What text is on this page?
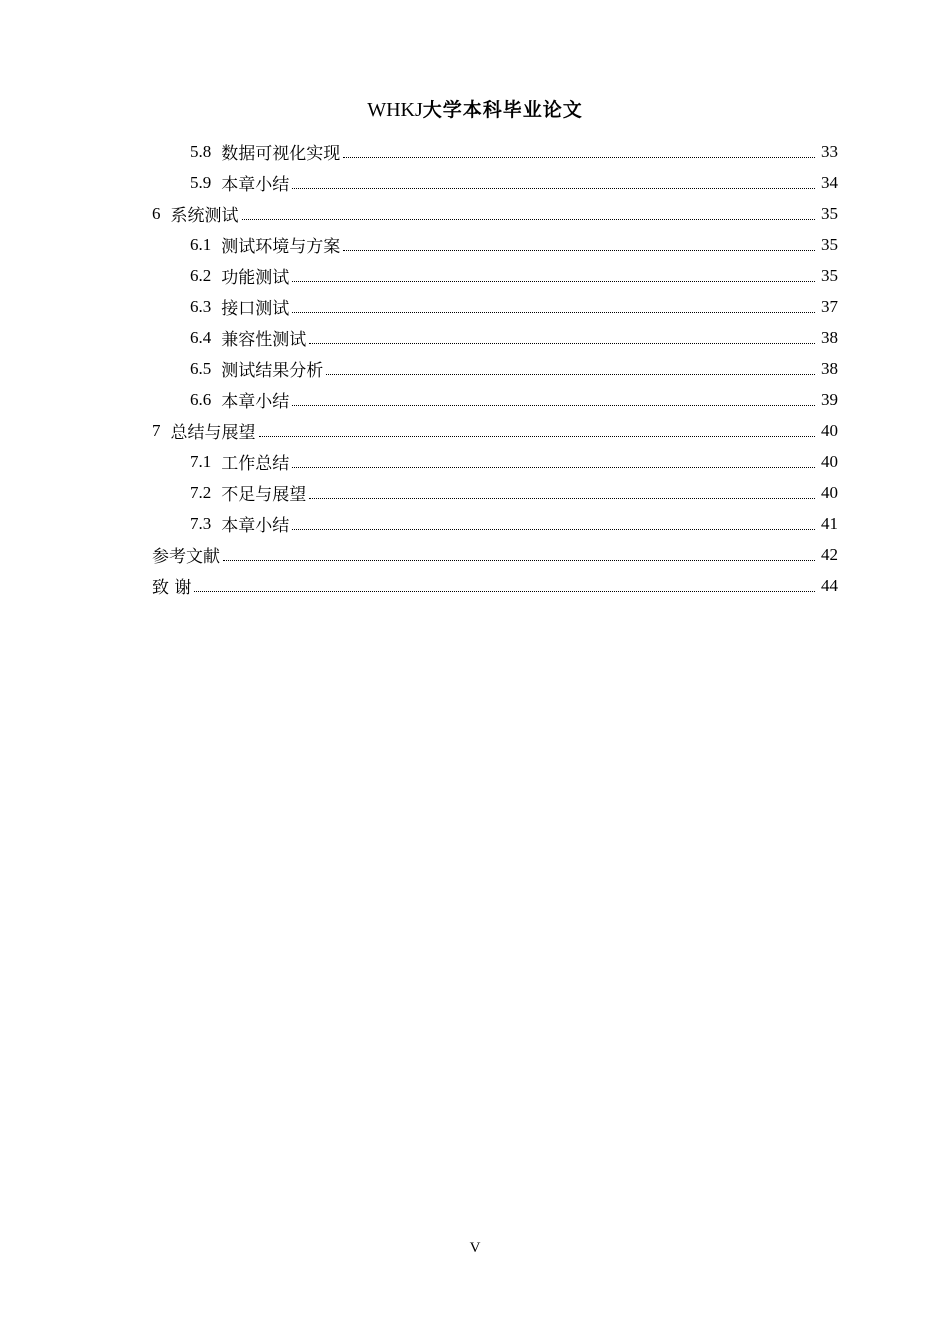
WHKJ大学本科毕业论文
5.8 数据可视化实现	33
5.9 本章小结	34
6 系统测试	35
6.1 测试环境与方案	35
6.2 功能测试	35
6.3 接口测试	37
6.4 兼容性测试	38
6.5 测试结果分析	38
6.6 本章小结	39
7 总结与展望	40
7.1 工作总结	40
7.2 不足与展望	40
7.3 本章小结	41
参考文献	42
致 谢	44
V
